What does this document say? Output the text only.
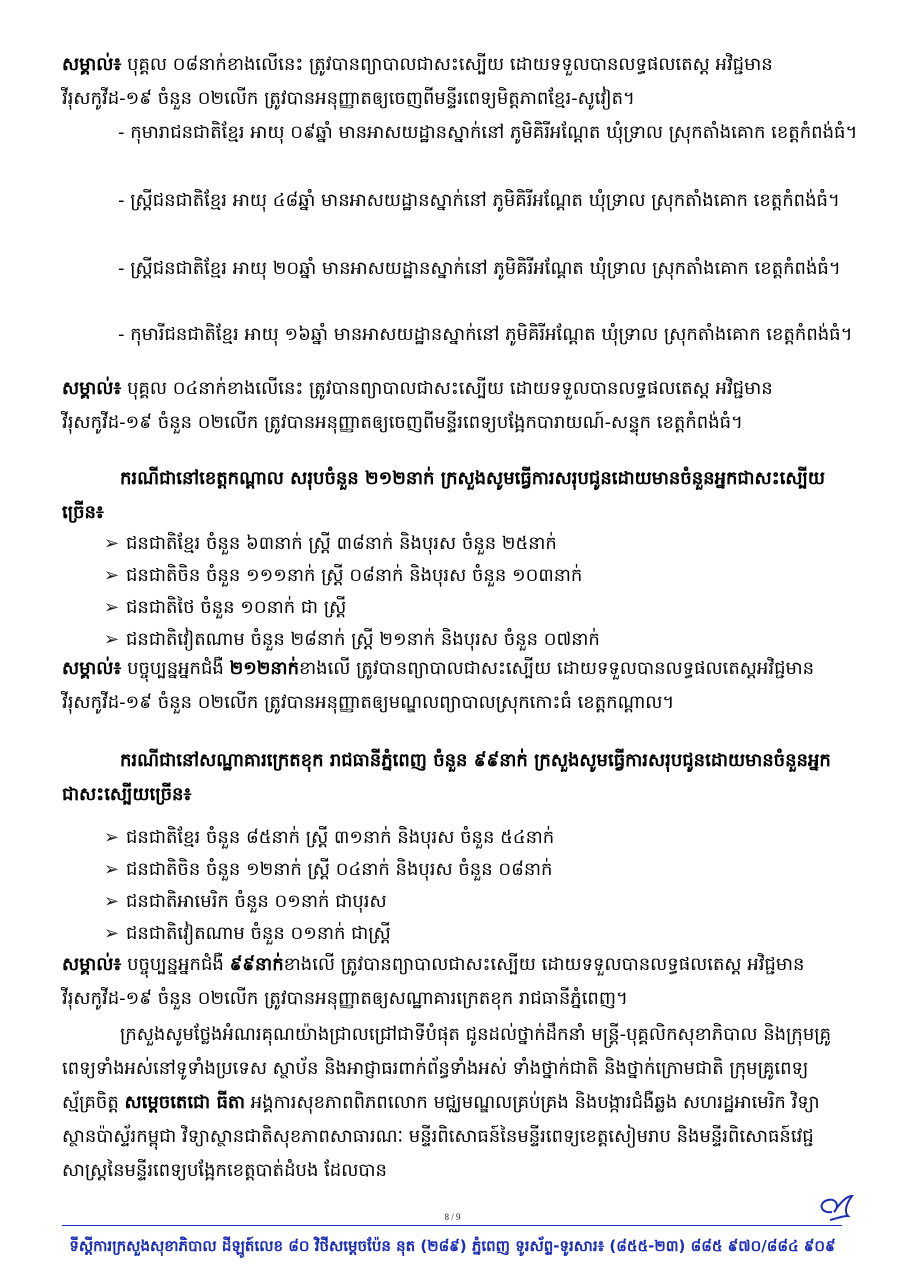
សម្គាល់៖ បុគ្គល ០៨នាក់ខាងលើនេះ ត្រូវបានព្យាបាលជាសះស្បើយ ដោយទទួលបានលទ្ធផលតេស្ត អវិជ្ជមាន វីរុសកូវីដ-១៩ ចំនួន ០២លើក ត្រូវបានអនុញ្ញាតឲ្យចេញពីមន្ទីរពេទ្យមិត្តភាពខ្មែរ-សូវៀត។

- កុមារាជនជាតិខ្មែរ អាយុ ០៩ឆ្នាំ មានអាសយដ្ឋានស្នាក់នៅ ភូមិគិរីអណ្តែត ឃុំទ្រាល ស្រុកតាំងគោក ខេត្តកំពង់ធំ។

- ស្ត្រីជនជាតិខ្មែរ អាយុ ៤៨ឆ្នាំ មានអាសយដ្ឋានស្នាក់នៅ ភូមិគិរីអណ្តែត ឃុំទ្រាល ស្រុកតាំងគោក ខេត្តកំពង់ធំ។

- ស្ត្រីជនជាតិខ្មែរ អាយុ ២០ឆ្នាំ មានអាសយដ្ឋានស្នាក់នៅ ភូមិគិរីអណ្តែត ឃុំទ្រាល ស្រុកតាំងគោក ខេត្តកំពង់ធំ។

- កុមារីជនជាតិខ្មែរ អាយុ ១៦ឆ្នាំ មានអាសយដ្ឋានស្នាក់នៅ ភូមិគិរីអណ្តែត ឃុំទ្រាល ស្រុកតាំងគោក ខេត្តកំពង់ធំ។

សម្គាល់៖ បុគ្គល ០៤នាក់ខាងលើនេះ ត្រូវបានព្យាបាលជាសះស្បើយ ដោយទទួលបានលទ្ធផលតេស្ត អវិជ្ជមាន វីរុសកូវីដ-១៩ ចំនួន ០២លើក ត្រូវបានអនុញ្ញាតឲ្យចេញពីមន្ទីរពេទ្យបង្អែកបារាយណ៍-សន្ទុក ខេត្តកំពង់ធំ។

ករណីជានៅខេត្តកណ្តាល សរុបចំនួន ២១២នាក់ ក្រសួងសូមធ្វើការសរុបជូនដោយមានចំនួនអ្នកជាសះស្បើយច្រើន៖

➢ ជនជាតិខ្មែរ ចំនួន ៦៣នាក់ ស្ត្រី ៣៨នាក់ និងបុរស ចំនួន ២៥នាក់

➢ ជនជាតិចិន ចំនួន ១១១នាក់ ស្ត្រី ០៨នាក់ និងបុរស ចំនួន ១០៣នាក់

➢ ជនជាតិថៃ ចំនួន ១០នាក់ ជា ស្ត្រី

➢ ជនជាតិវៀតណាម ចំនួន ២៨នាក់ ស្ត្រី ២១នាក់ និងបុរស ចំនួន ០៧នាក់

សម្គាល់៖ បច្ចុប្បន្នអ្នកជំងឺ ២១២នាក់ខាងលើ ត្រូវបានព្យាបាលជាសះស្បើយ ដោយទទួលបានលទ្ធផលតេស្តអវិជ្ជមាន វីរុសកូវីដ-១៩ ចំនួន ០២លើក ត្រូវបានអនុញ្ញាតឲ្យមណ្ឌលព្យាបាលស្រុកកោះធំ ខេត្តកណ្តាល។

ករណីជានៅសណ្ឋាគារក្រេតខុក រាជធានីភ្នំពេញ ចំនួន ៩៩នាក់ ក្រសួងសូមធ្វើការសរុបជូនដោយមានចំនួនអ្នកជាសះស្បើយច្រើន៖

➢ ជនជាតិខ្មែរ ចំនួន ៨៥នាក់ ស្ត្រី ៣១នាក់ និងបុរស ចំនួន ៥៤នាក់

➢ ជនជាតិចិន ចំនួន ១២នាក់ ស្ត្រី ០៤នាក់ និងបុរស ចំនួន ០៨នាក់

➢ ជនជាតិអាមេរិក ចំនួន ០១នាក់ ជាបុរស

➢ ជនជាតិវៀតណាម ចំនួន ០១នាក់ ជាស្ត្រី

សម្គាល់៖ បច្ចុប្បន្នអ្នកជំងឺ ៩៩នាក់ខាងលើ ត្រូវបានព្យាបាលជាសះស្បើយ ដោយទទួលបានលទ្ធផលតេស្ត អវិជ្ជមាន វីរុសកូវីដ-១៩ ចំនួន ០២លើក ត្រូវបានអនុញ្ញាតឲ្យសណ្ឋាគារក្រេតខុក រាជធានីភ្នំពេញ។

ក្រសួងសូមថ្លែងអំណរគុណយ៉ាងជ្រាលជ្រៅជាទីបំផុត ជូនដល់ថ្នាក់ដឹកនាំ មន្ត្រី-បុគ្គលិកសុខាភិបាល និងក្រុមគ្រូពេទ្យទាំងអស់នៅទូទាំងប្រទេស ស្ថាប័ន និងអាជ្ញាធរពាក់ព័ន្ធទាំងអស់ ទាំងថ្នាក់ជាតិ និងថ្នាក់ក្រោមជាតិ ក្រុមគ្រូពេទ្យស្ម័គ្រចិត្ត សម្តេចតេជោ ធីតា អង្គការសុខភាពពិភពលោក មជ្ឈមណ្ឌលគ្រប់គ្រង និងបង្ការជំងឺឆ្លង សហរដ្ឋអាមេរិក វិទ្យាស្ថានប៉ាស្ទ័រកម្ពុជា វិទ្យាស្ថានជាតិសុខភាពសាធារណៈ មន្ទីរពិសោធន៍នៃមន្ទីរពេទ្យខេត្តសៀមរាប និងមន្ទីរពិសោធន៍វេជ្ជសាស្ត្រនៃមន្ទីរពេទ្យបង្អែកខេត្តបាត់ដំបង ដែលបាន

8 / 9
ទីស្តីការក្រសួងសុខាភិបាល ដីឡូត៍លេខ ៨០ វិថីសម្តេចប៉ែន នុត (២៨៩) ភ្នំពេញ ទូរស័ព្ទ-ទូរសារ៖ (៨៥៥-២៣) ៨៨៥ ៩៧០/៨៨៤ ៩០៩
